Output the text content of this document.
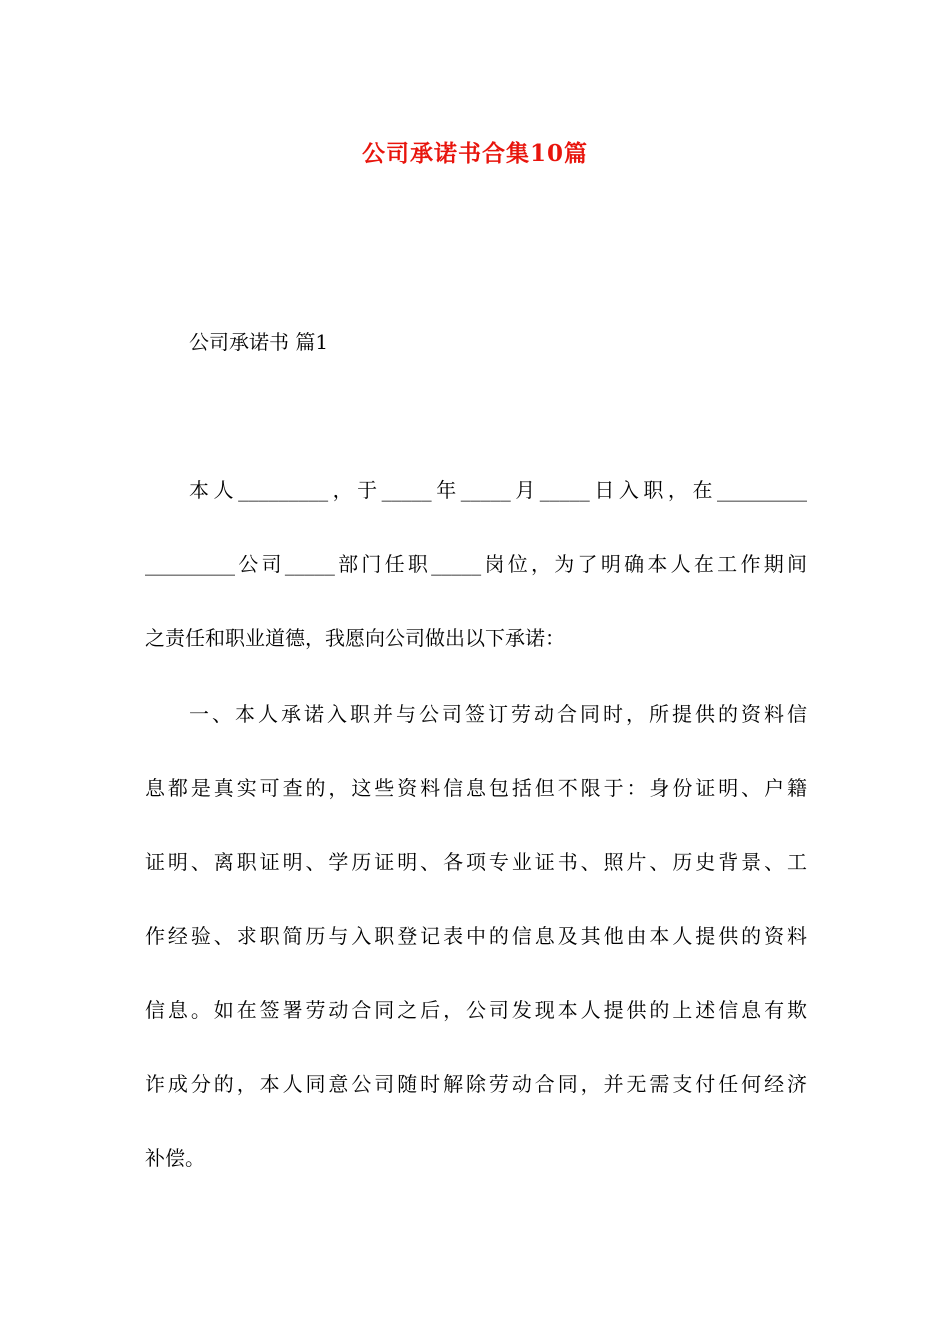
公司承诺书合集10篇
公司承诺书 篇1
本人_________，于_____年_____月_____日入职，在_________
_________公司_____部门任职_____岗位，为了明确本人在工作期间
之责任和职业道德，我愿向公司做出以下承诺：
一、本人承诺入职并与公司签订劳动合同时，所提供的资料信
息都是真实可查的，这些资料信息包括但不限于：身份证明、户籍
证明、离职证明、学历证明、各项专业证书、照片、历史背景、工
作经验、求职简历与入职登记表中的信息及其他由本人提供的资料
信息。如在签署劳动合同之后，公司发现本人提供的上述信息有欺
诈成分的，本人同意公司随时解除劳动合同，并无需支付任何经济
补偿。
